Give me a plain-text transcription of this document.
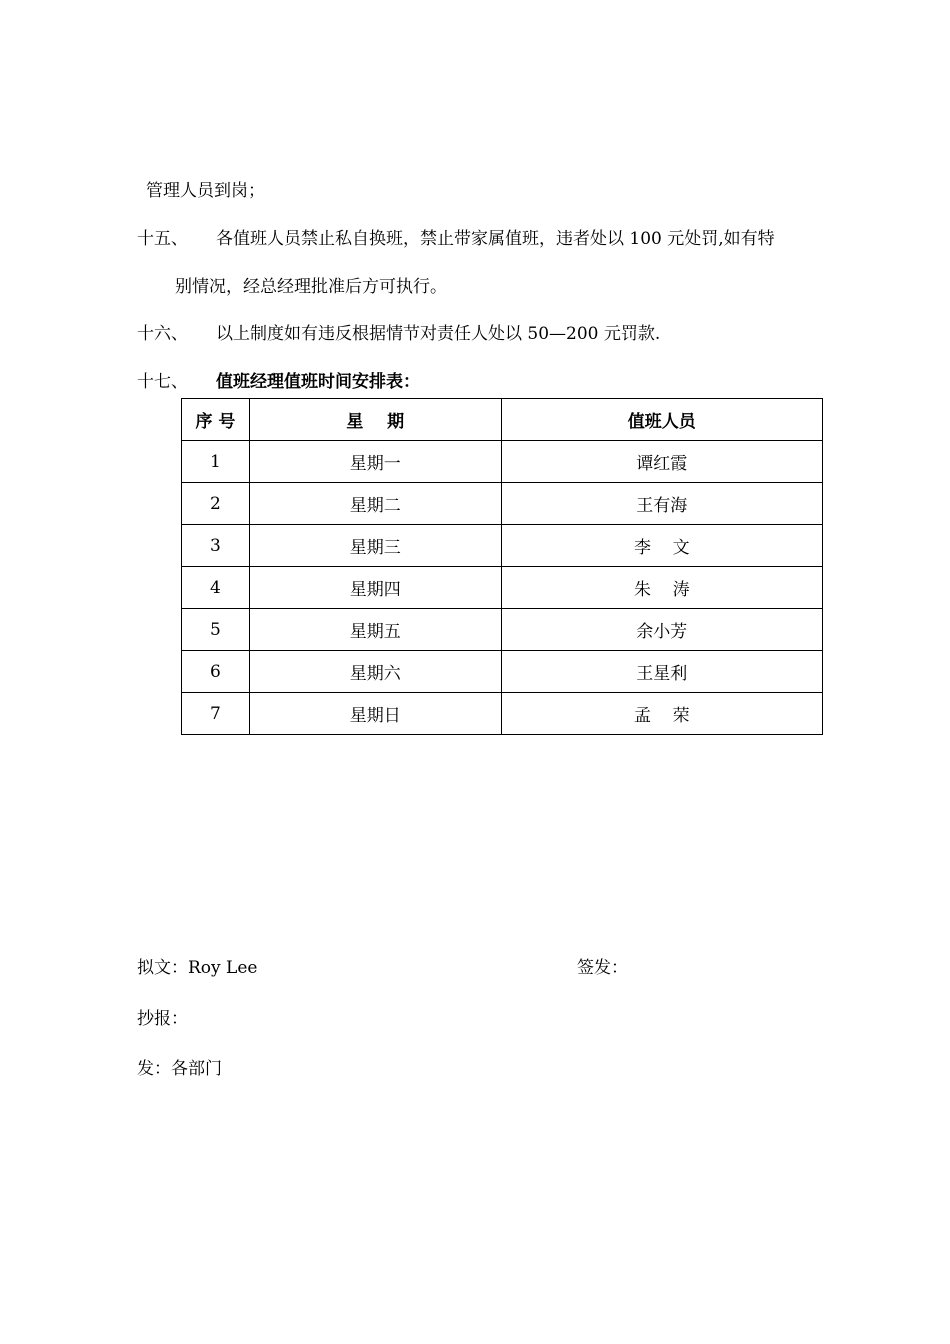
管理人员到岗；
十五、 各值班人员禁止私自换班，禁止带家属值班，违者处以 100 元处罚,如有特
别情况，经总经理批准后方可执行。
十六、 以上制度如有违反根据情节对责任人处以 50—200 元罚款.
十七、 值班经理值班时间安排表：
序 号	星    期	值班人员
1	星期一	谭红霞
2	星期二	王有海
3	星期三	李    文
4	星期四	朱    涛
5	星期五	余小芳
6	星期六	王星利
7	星期日	孟    荣
拟文：Roy Lee	签发：
抄报：
发：各部门
